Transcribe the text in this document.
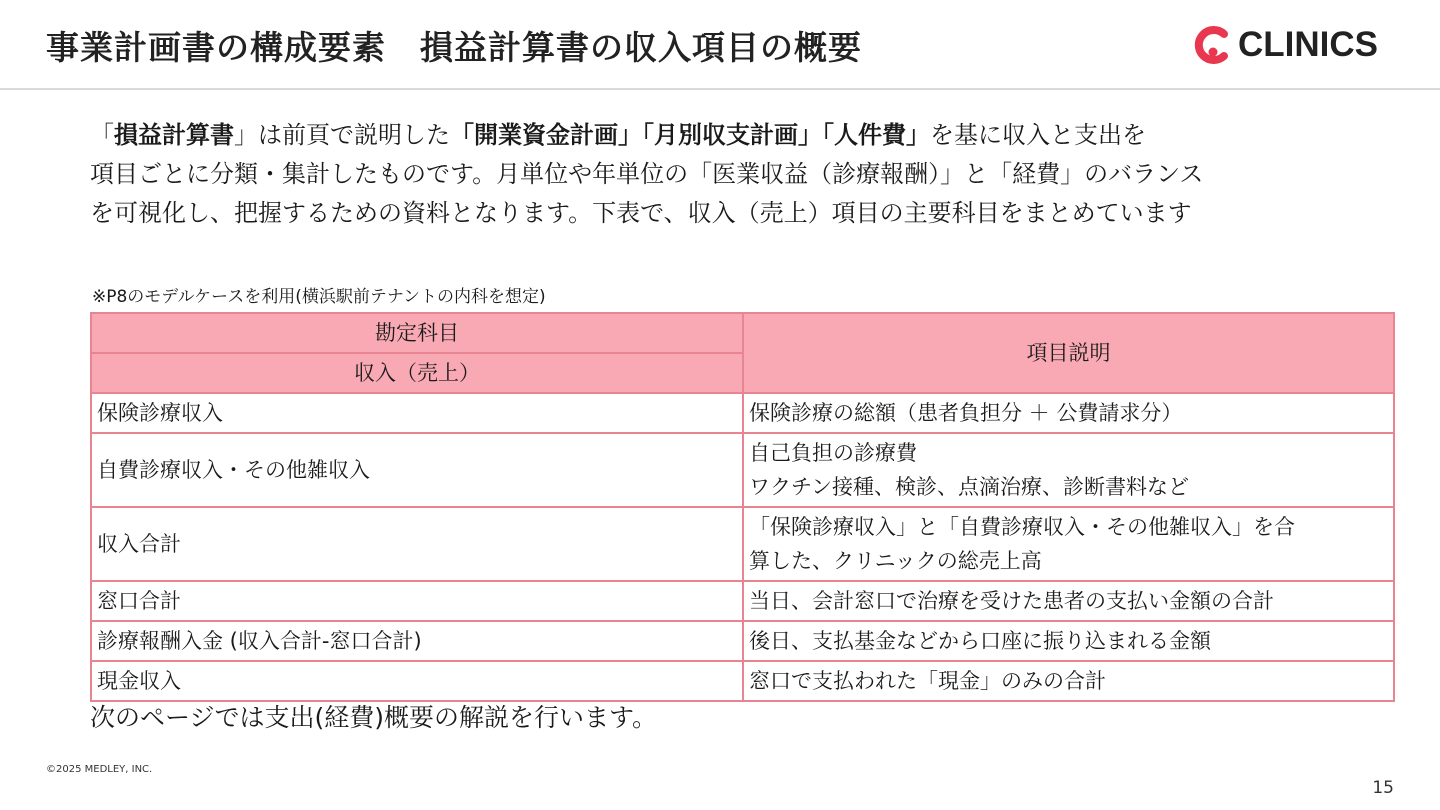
事業計画書の構成要素　損益計算書の収入項目の概要	CLINICS

「損益計算書」は前頁で説明した「開業資金計画」「月別収支計画」「人件費」を基に収入と支出を
項目ごとに分類・集計したものです。月単位や年単位の「医業収益（診療報酬）」と「経費」のバランス
を可視化し、把握するための資料となります。下表で、収入（売上）項目の主要科目をまとめています

※P8のモデルケースを利用(横浜駅前テナントの内科を想定)
勘定科目	項目説明
収入（売上）	
保険診療収入	保険診療の総額（患者負担分 ＋ 公費請求分）
自費診療収入・その他雑収入	自己負担の診療費
ワクチン接種、検診、点滴治療、診断書料など
収入合計	「保険診療収入」と「自費診療収入・その他雑収入」を合
算した、クリニックの総売上高
窓口合計	当日、会計窓口で治療を受けた患者の支払い金額の合計
診療報酬入金 (収入合計-窓口合計)	後日、支払基金などから口座に振り込まれる金額
現金収入	窓口で支払われた「現金」のみの合計
次のページでは支出(経費)概要の解説を行います。
©2025 MEDLEY, INC.
15
